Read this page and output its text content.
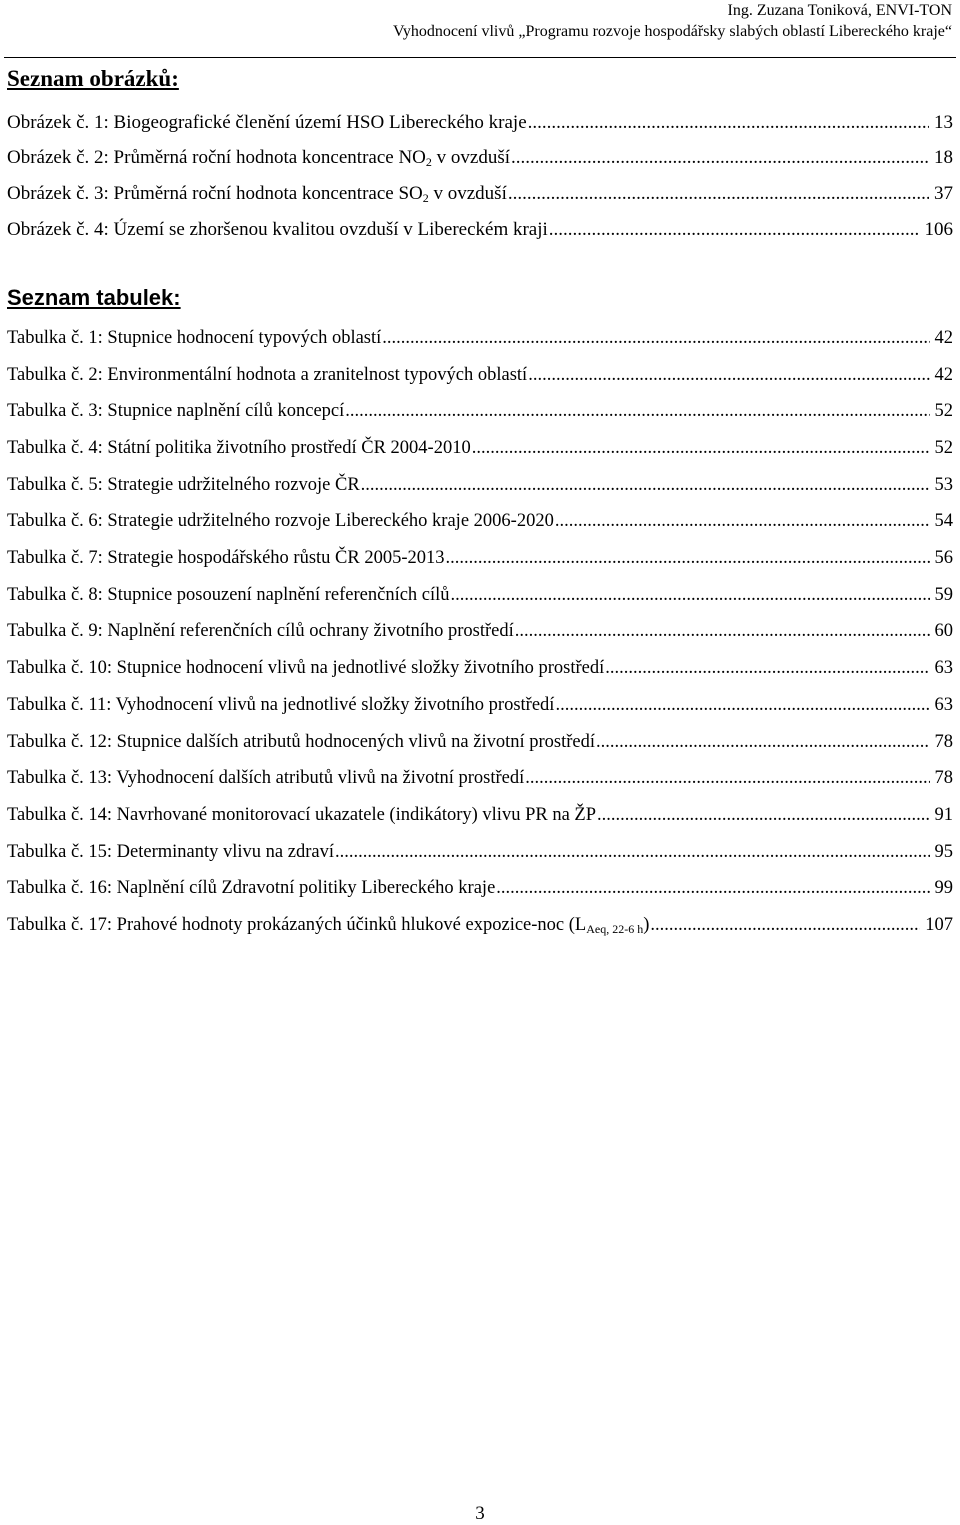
Ing. Zuzana Toniková, ENVI-TON
Vyhodnocení vlivů „Programu rozvoje hospodářsky slabých oblastí Libereckého kraje“
Seznam obrázků:
Obrázek č. 1: Biogeografické členění území HSO Libereckého kraje .....	13
Obrázek č. 2: Průměrná roční hodnota koncentrace $NO_2$ v ovzduší .....	18
Obrázek č. 3: Průměrná roční hodnota koncentrace $SO_2$ v ovzduší .....	37
Obrázek č. 4: Území se zhoršenou kvalitou ovzduší v Libereckém kraji .....	106
Seznam tabulek:
Tabulka č. 1: Stupnice hodnocení typových oblastí .....	42
Tabulka č. 2: Environmentální hodnota a zranitelnost typových oblastí .....	42
Tabulka č. 3: Stupnice naplnění cílů koncepcí .....	52
Tabulka č. 4: Státní politika životního prostředí ČR 2004-2010 .....	52
Tabulka č. 5: Strategie udržitelného rozvoje ČR .....	53
Tabulka č. 6: Strategie udržitelného rozvoje Libereckého kraje 2006-2020 .....	54
Tabulka č. 7: Strategie hospodářského růstu ČR 2005-2013 .....	56
Tabulka č. 8: Stupnice posouzení naplnění referenčních cílů .....	59
Tabulka č. 9: Naplnění referenčních cílů ochrany životního prostředí .....	60
Tabulka č. 10: Stupnice hodnocení vlivů na jednotlivé složky životního prostředí .....	63
Tabulka č. 11: Vyhodnocení vlivů na jednotlivé složky životního prostředí .....	63
Tabulka č. 12: Stupnice dalších atributů hodnocených vlivů na životní prostředí .....	78
Tabulka č. 13: Vyhodnocení dalších atributů vlivů na životní prostředí .....	78
Tabulka č. 14: Navrhované monitorovací ukazatele (indikátory) vlivu PR na ŽP .....	91
Tabulka č. 15: Determinanty vlivu na zdraví .....	95
Tabulka č. 16: Naplnění cílů Zdravotní politiky Libereckého kraje .....	99
Tabulka č. 17: Prahové hodnoty prokázaných účinků hlukové expozice-noc $(L_{Aeq, 22-6 h})$ .....	107
3
